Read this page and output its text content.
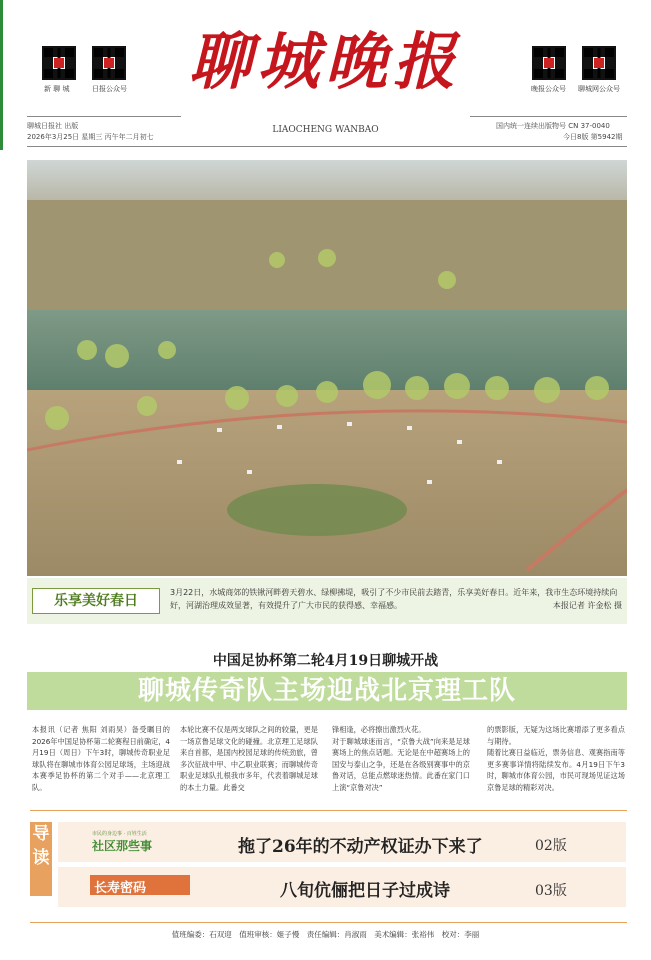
新 聊 城	日报公众号 聊城晚报	晚报公众号 聊城网公众号
聊城日报社 出版
2026年3月25日 星期三 丙午年二月初七
LIAOCHENG WANBAO	国内统一连续出版物号 CN 37-0040
今日8版 第5942期
乐享美好春日
3月22日，水城商郊的铁锹河畔碧天碧水、绿柳拂堤，吸引了不少市民前去踏青，乐享美好春日。近年来，我市生态环境持续向好，河湖治理成效显著，有效提升了广大市民的获得感、幸福感。	本报记者 许金松 摄
中国足协杯第二轮4月19日聊城开战
聊城传奇队主场迎战北京理工队
本报讯（记者 焦阳 刘雨昊）备受瞩目的2026年中国足协杯第二轮赛程日前确定，4月19日（周日）下午3时，聊城传奇职业足球队将在聊城市体育公园足球场，主场迎战本赛季足协杯的第二个对手——北京理工队。
本轮比赛不仅是两支球队之间的较量，更是一场京鲁足球文化的碰撞。北京理工足球队来自首都，是国内校园足球的传统劲旅，曾多次征战中甲、中乙职业联赛；而聊城传奇职业足球队扎根我市多年，代表着聊城足球的本土力量。此番交
锋相逢，必将擦出激烈火花。
对于聊城球迷而言，“京鲁大战”向来是足球赛场上的焦点话题。无论是在中超赛场上的国安与泰山之争，还是在各级别赛事中的京鲁对话，总能点燃球迷热情。此番在家门口上演“京鲁对决”
的票影版，无疑为这场比赛增添了更多看点与期待。
随着比赛日益临近，票务信息、观赛指南等更多赛事详情将陆续发布。4月19日下午3时，聊城市体育公园，市民可现场见证这场京鲁足球的精彩对决。
导读
市民的身边事 · 百姓生活
社区那些事	拖了26年的不动产权证办下来了	02版
长寿密码	八旬伉俪把日子过成诗	03版
值班编委：石双迎　值班审核：姬子慢　责任编辑：肖淑雨　美术编辑：张裕伟　校对：李丽
